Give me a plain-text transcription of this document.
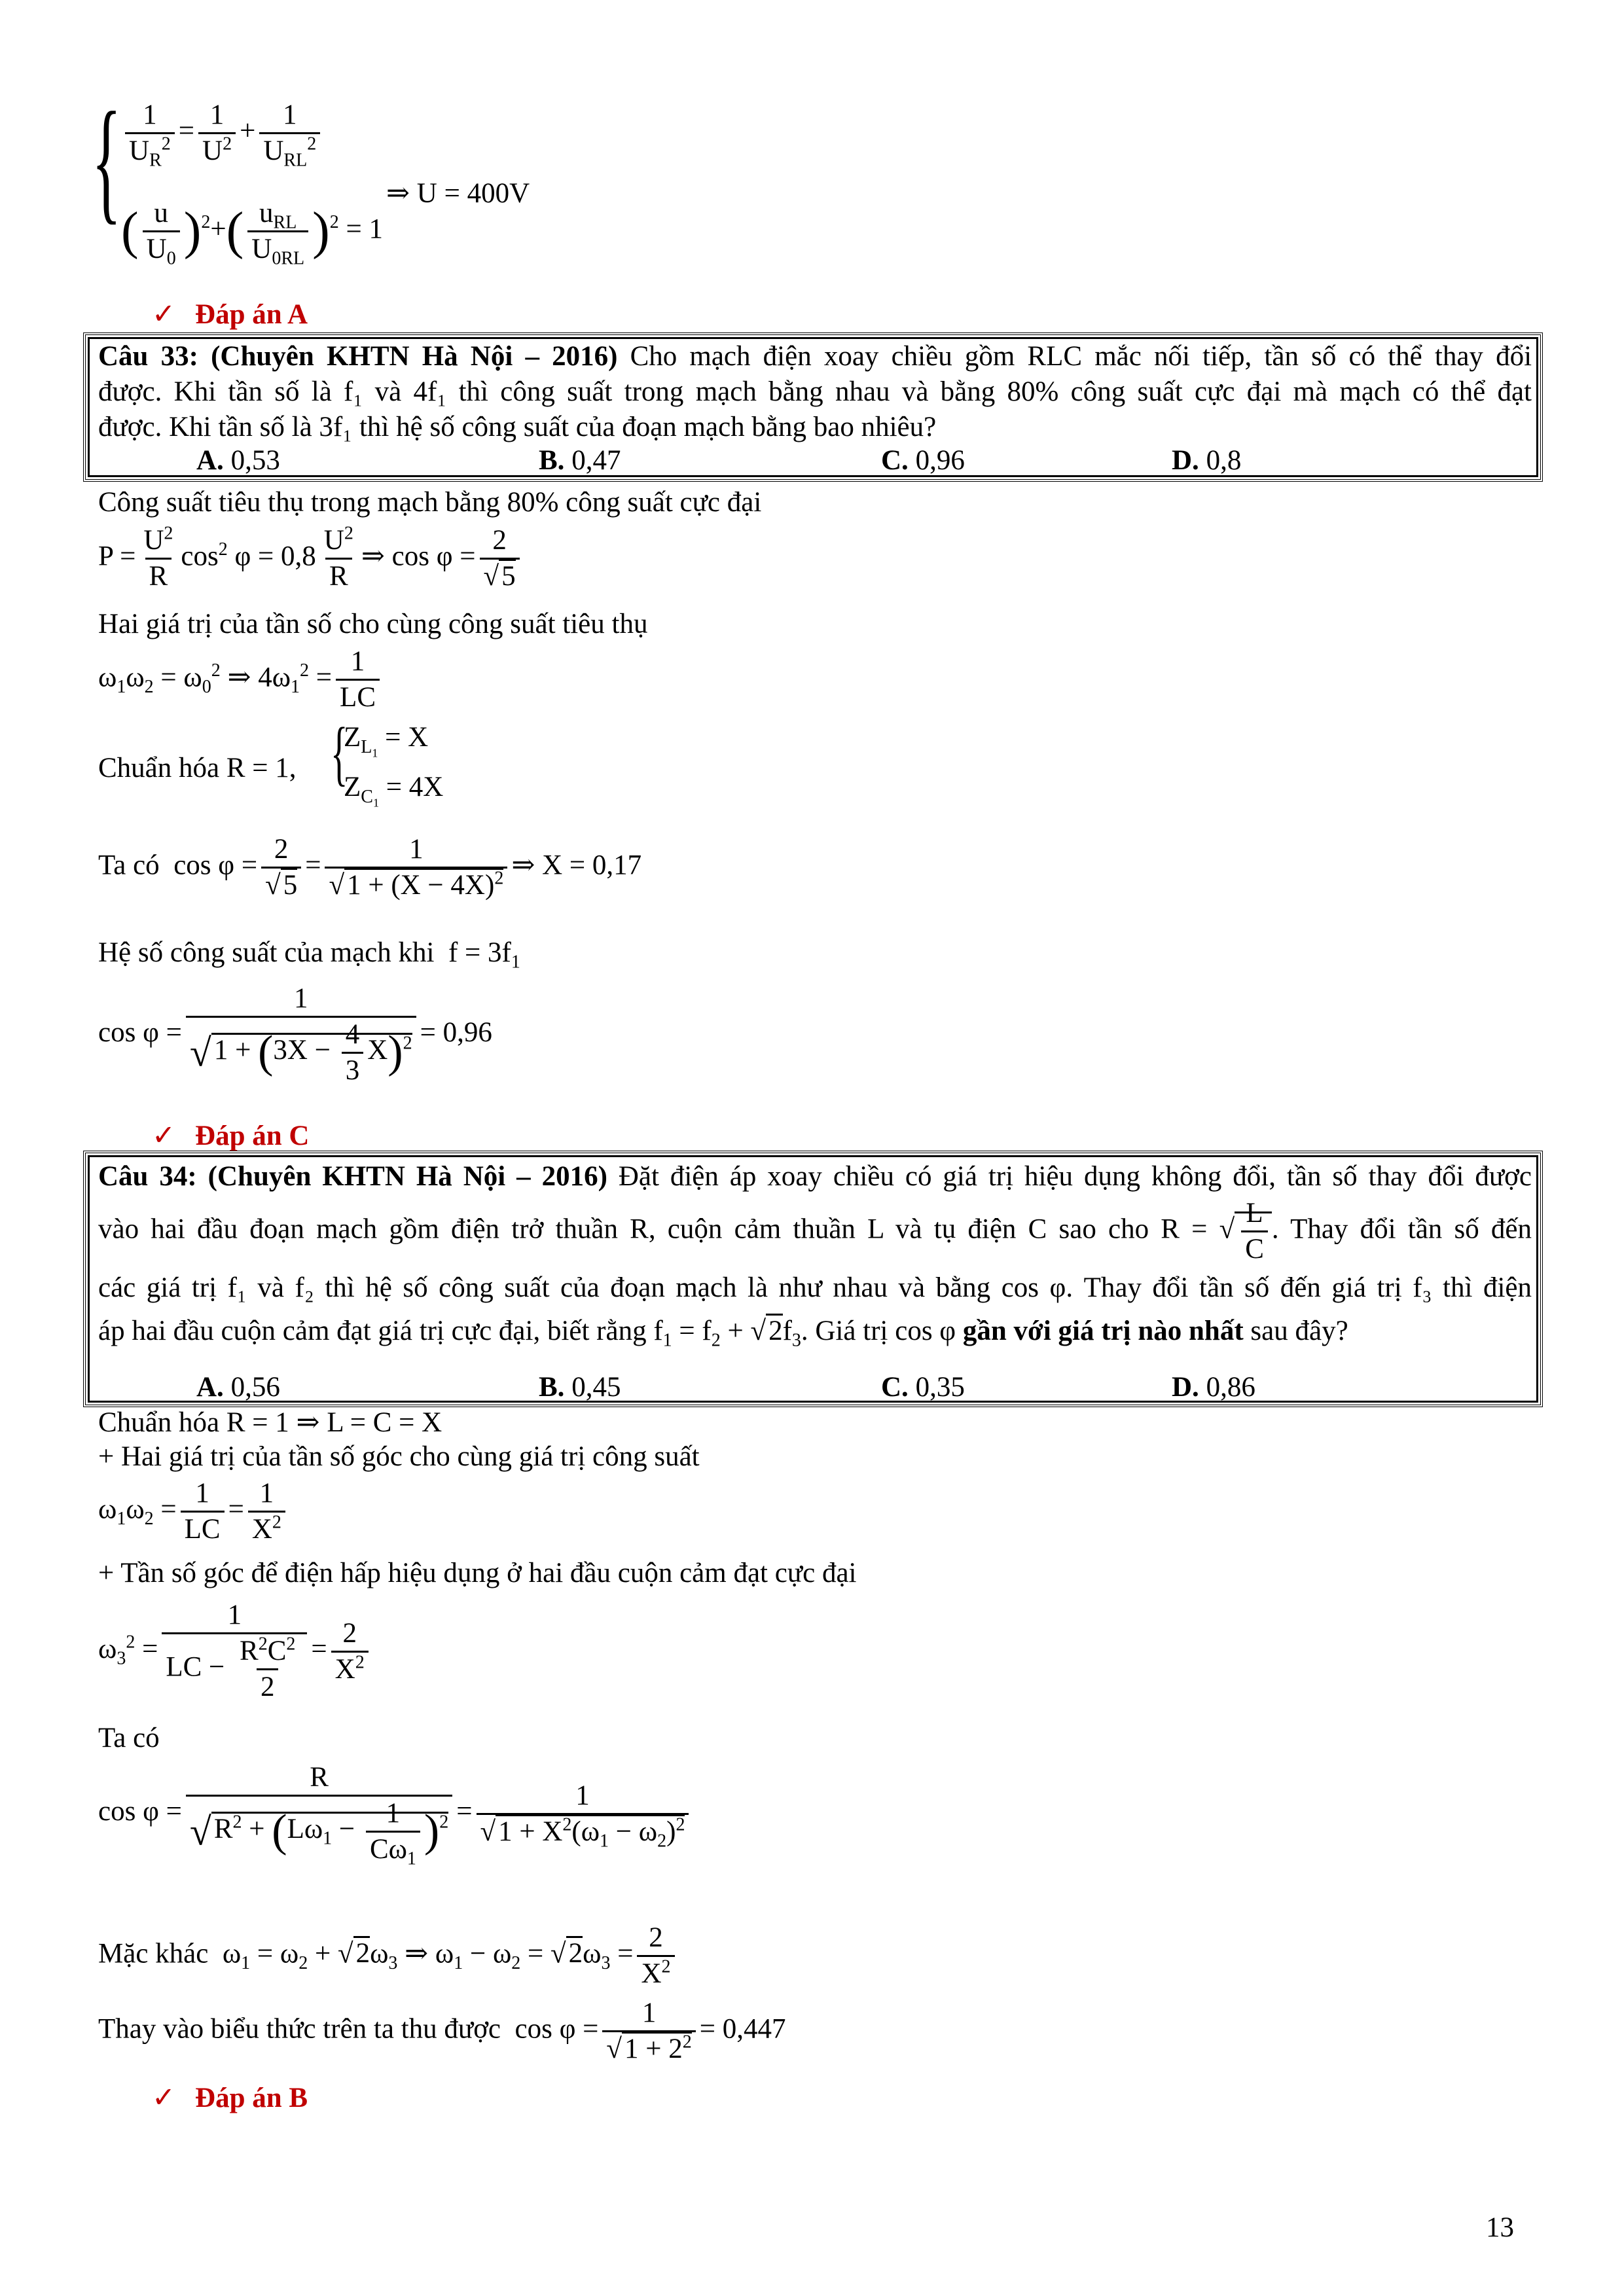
{ $\frac{1}{U_R^2} = \frac{1}{U^2} + \frac{1}{U_{RL}^2}$
( $\frac{u}{U_0} )^2+( \frac{u_{RL}}{U_{0RL}} )^2 = 1$
⇒ U = 400V
✓ Đáp án A
Câu 33: (Chuyên KHTN Hà Nội – 2016) Cho mạch điện xoay chiều gồm RLC mắc nối tiếp, tần số có thể thay đổi
được. Khi tần số là f₁ và 4f₁ thì công suất trong mạch bằng nhau và bằng 80% công suất cực đại mà mạch có thể đạt
được. Khi tần số là 3f₁ thì hệ số công suất của đoạn mạch bằng bao nhiêu?
A. 0,53	B. 0,47	C. 0,96	D. 0,8
Công suất tiêu thụ trong mạch bằng 80% công suất cực đại
$P = \frac{U^2}{R} \cos^2 \varphi = 0,8 \frac{U^2}{R}$ ⇒ $\cos \varphi = \frac{2}{√5}$
Hai giá trị của tần số cho cùng công suất tiêu thụ
$\omega_1\omega_2 = \omega_0^2$ ⇒ $4\omega_1^2 = \frac{1}{LC}$
Chuẩn hóa R = 1, {
$Z_{L_1} = X$
$Z_{C_1} = 4X$
Ta có  $\cos \varphi = \frac{2}{√5} = \frac{1}{√1 + (X - 4X)^2}$ ⇒ X = 0,17
Hệ số công suất của mạch khi  $f = 3f_1$
$\cos \varphi = \frac{1}{√1 + (3X - \frac{4}{3} X)^2} = 0,96$
✓ Đáp án C
Câu 34: (Chuyên KHTN Hà Nội – 2016) Đặt điện áp xoay chiều có giá trị hiệu dụng không đổi, tần số thay đổi được
vào hai đầu đoạn mạch gồm điện trở thuần R, cuộn cảm thuần L và tụ điện C sao cho R = √ $\frac{L}{C}$ . Thay đổi tần số đến
các giá trị f₁ và f₂ thì hệ số công suất của đoạn mạch là như nhau và bằng cos φ. Thay đổi tần số đến giá trị f₃ thì điện
áp hai đầu cuộn cảm đạt giá trị cực đại, biết rằng $f_1 = f_2 + √2f_3$. Giá trị cos φ gần với giá trị nào nhất sau đây?
A. 0,56	B. 0,45	C. 0,35	D. 0,86
Chuẩn hóa R = 1 ⇒ L = C = X
+ Hai giá trị của tần số góc cho cùng giá trị công suất
$\omega_1\omega_2 = \frac{1}{LC} = \frac{1}{X^2}$
+ Tần số góc để điện hấp hiệu dụng ở hai đầu cuộn cảm đạt cực đại
$\omega_3^2 = \frac{1}{LC - \frac{R^2C^2}{2}} = \frac{2}{X^2}$
Ta có
$\cos \varphi = \frac{R}{√R^2 + (L\omega_1 - \frac{1}{C\omega_1} )^2} = \frac{1}{√1 + X^2(\omega_1 - \omega_2)^2}$
Mặc khác  $\omega_1 = \omega_2 + √2\omega_3$ ⇒ $\omega_1 - \omega_2 = √2\omega_3 = \frac{2}{X^2}$
Thay vào biểu thức trên ta thu được  $\cos \varphi = \frac{1}{√1 + 2^2} = 0,447$
✓ Đáp án B
13
